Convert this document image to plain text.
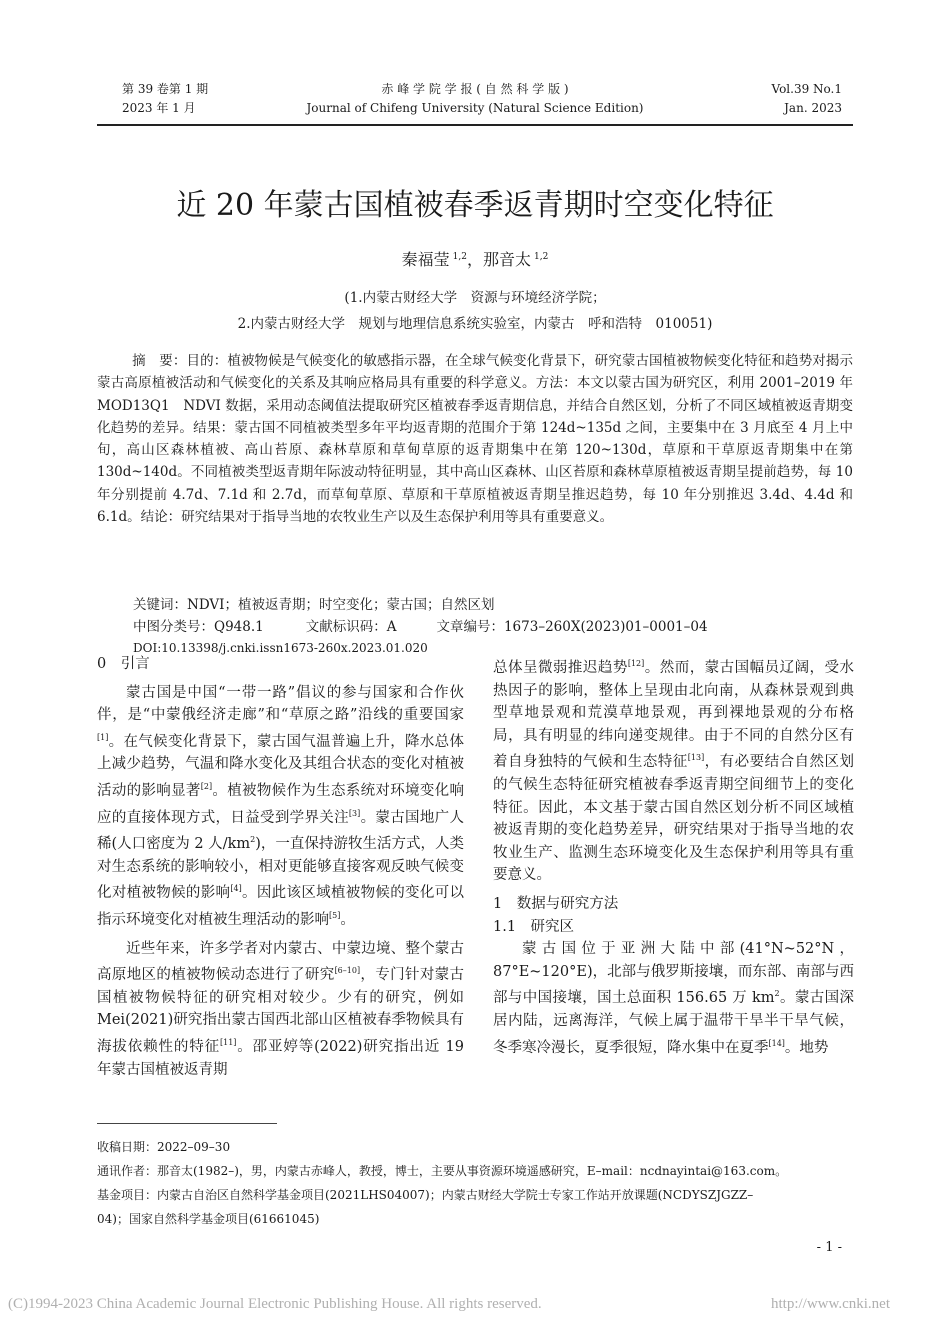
第 39 卷第 1 期
2023 年 1 月
赤 峰 学 院 学 报 ( 自 然 科 学 版 )
Journal of Chifeng University (Natural Science Edition)
Vol.39 No.1
Jan. 2023
近 20 年蒙古国植被春季返青期时空变化特征
秦福莹 $^{1,2}$，那音太 $^{1,2}$
(1.内蒙古财经大学　资源与环境经济学院；
2.内蒙古财经大学　规划与地理信息系统实验室，内蒙古　呼和浩特　010051)
摘　要：目的：植被物候是气候变化的敏感指示器，在全球气候变化背景下，研究蒙古国植被物候变化特征和趋势对揭示蒙古高原植被活动和气候变化的关系及其响应格局具有重要的科学意义。方法：本文以蒙古国为研究区，利用 2001–2019 年 MOD13Q1　NDVI 数据，采用动态阈值法提取研究区植被春季返青期信息，并结合自然区划，分析了不同区域植被返青期变化趋势的差异。结果：蒙古国不同植被类型多年平均返青期的范围介于第 124d~135d 之间，主要集中在 3 月底至 4 月上中旬，高山区森林植被、高山苔原、森林草原和草甸草原的返青期集中在第 120~130d，草原和干草原返青期集中在第 130d~140d。不同植被类型返青期年际波动特征明显，其中高山区森林、山区苔原和森林草原植被返青期呈提前趋势，每 10 年分别提前 4.7d、7.1d 和 2.7d，而草甸草原、草原和干草原植被返青期呈推迟趋势，每 10 年分别推迟 3.4d、4.4d 和 6.1d。结论：研究结果对于指导当地的农牧业生产以及生态保护利用等具有重要意义。
关键词：NDVI；植被返青期；时空变化；蒙古国；自然区划
中图分类号：Q948.1	文献标识码：A	文章编号：1673–260X(2023)01–0001–04
DOI:10.13398/j.cnki.issn1673-260x.2023.01.020

0　引言

蒙古国是中国“一带一路”倡议的参与国家和合作伙伴，是“中蒙俄经济走廊”和“草原之路”沿线的重要国家[1]。在气候变化背景下，蒙古国气温普遍上升，降水总体上减少趋势，气温和降水变化及其组合状态的变化对植被活动的影响显著[2]。植被物候作为生态系统对环境变化响应的直接体现方式，日益受到学界关注[3]。蒙古国地广人稀(人口密度为 2 人/km$^2$)，一直保持游牧生活方式，人类对生态系统的影响较小，相对更能够直接客观反映气候变化对植被物候的影响[4]。因此该区域植被物候的变化可以指示环境变化对植被生理活动的影响[5]。

近些年来，许多学者对内蒙古、中蒙边境、整个蒙古高原地区的植被物候动态进行了研究[6–10]，专门针对蒙古国植被物候特征的研究相对较少。少有的研究，例如 Mei(2021)研究指出蒙古国西北部山区植被春季物候具有海拔依赖性的特征[11]。邵亚婷等(2022)研究指出近 19 年蒙古国植被返青期

总体呈微弱推迟趋势[12]。然而，蒙古国幅员辽阔，受水热因子的影响，整体上呈现由北向南，从森林景观到典型草地景观和荒漠草地景观，再到裸地景观的分布格局，具有明显的纬向递变规律。由于不同的自然分区有着自身独特的气候和生态特征[13]，有必要结合自然区划的气候生态特征研究植被春季返青期空间细节上的变化特征。因此，本文基于蒙古国自然区划分析不同区域植被返青期的变化趋势差异，研究结果对于指导当地的农牧业生产、监测生态环境变化及生态保护利用等具有重要意义。

1　数据与研究方法

1.1　研究区

蒙古国位于亚洲大陆中部(41°N~52°N，87°E~120°E)，北部与俄罗斯接壤，而东部、南部与西部与中国接壤，国土总面积 156.65 万 km$^2$。蒙古国深居内陆，远离海洋，气候上属于温带干旱半干旱气候，冬季寒冷漫长，夏季很短，降水集中在夏季[14]。地势

收稿日期：2022–09–30
通讯作者：那音太(1982–)，男，内蒙古赤峰人，教授，博士，主要从事资源环境遥感研究，E–mail：ncdnayintai@163.com。
基金项目：内蒙古自治区自然科学基金项目(2021LHS04007)；内蒙古财经大学院士专家工作站开放课题(NCDYSZJGZZ–
04)；国家自然科学基金项目(61661045)
- 1 -
(C)1994-2023 China Academic Journal Electronic Publishing House. All rights reserved.	http://www.cnki.net
